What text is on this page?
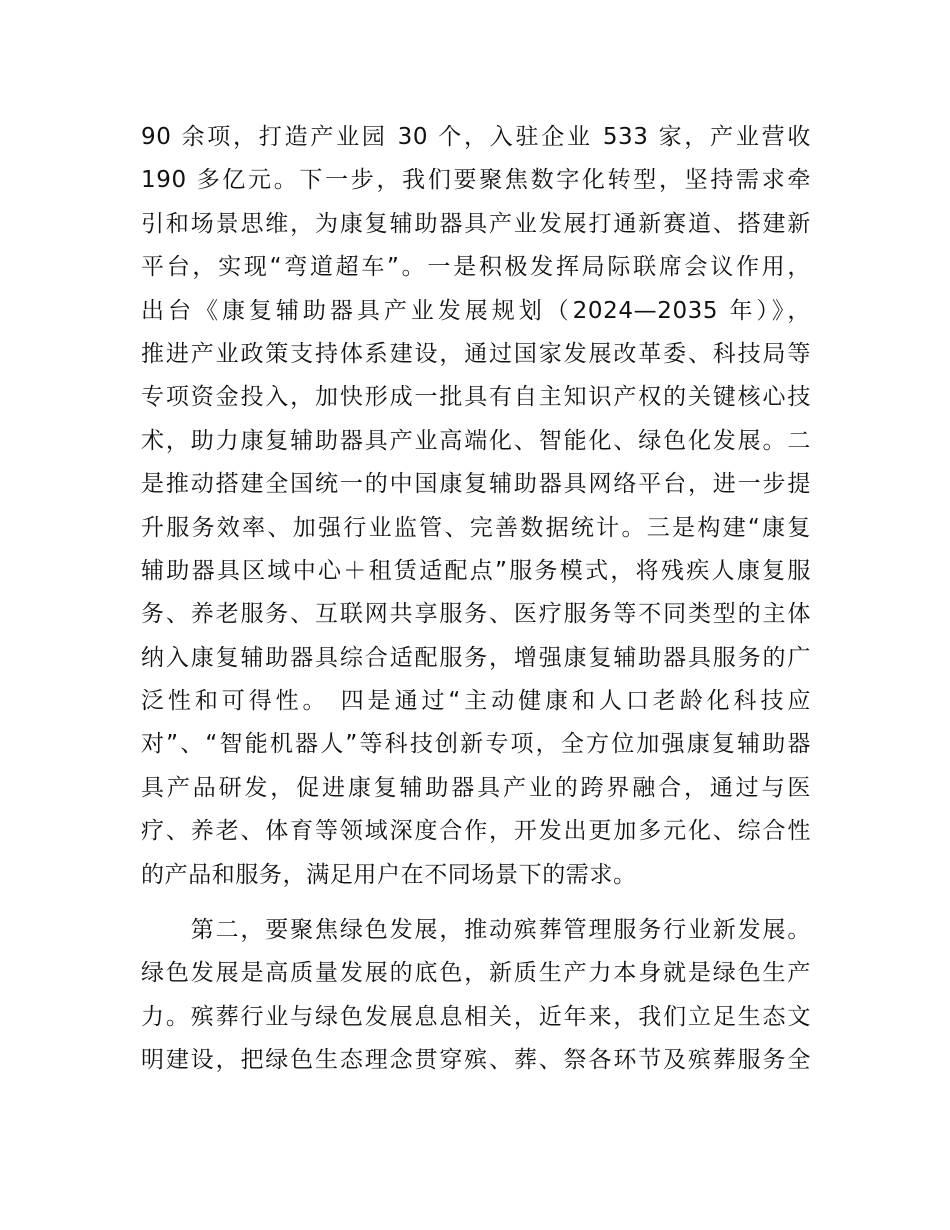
90 余项，打造产业园 30 个，入驻企业 533 家，产业营收
190 多亿元。下一步，我们要聚焦数字化转型，坚持需求牵
引和场景思维，为康复辅助器具产业发展打通新赛道、搭建新
平台，实现“弯道超车”。一是积极发挥局际联席会议作用，
出台《康复辅助器具产业发展规划（2024—2035 年）》，
推进产业政策支持体系建设，通过国家发展改革委、科技局等
专项资金投入，加快形成一批具有自主知识产权的关键核心技
术，助力康复辅助器具产业高端化、智能化、绿色化发展。二
是推动搭建全国统一的中国康复辅助器具网络平台，进一步提
升服务效率、加强行业监管、完善数据统计。三是构建“康复
辅助器具区域中心＋租赁适配点”服务模式，将残疾人康复服
务、养老服务、互联网共享服务、医疗服务等不同类型的主体
纳入康复辅助器具综合适配服务，增强康复辅助器具服务的广
泛性和可得性。 四是通过“主动健康和人口老龄化科技应
对”、“智能机器人”等科技创新专项，全方位加强康复辅助器
具产品研发，促进康复辅助器具产业的跨界融合，通过与医
疗、养老、体育等领域深度合作，开发出更加多元化、综合性
的产品和服务，满足用户在不同场景下的需求。
　　第二，要聚焦绿色发展，推动殡葬管理服务行业新发展。
绿色发展是高质量发展的底色，新质生产力本身就是绿色生产
力。殡葬行业与绿色发展息息相关，近年来，我们立足生态文
明建设，把绿色生态理念贯穿殡、葬、祭各环节及殡葬服务全
